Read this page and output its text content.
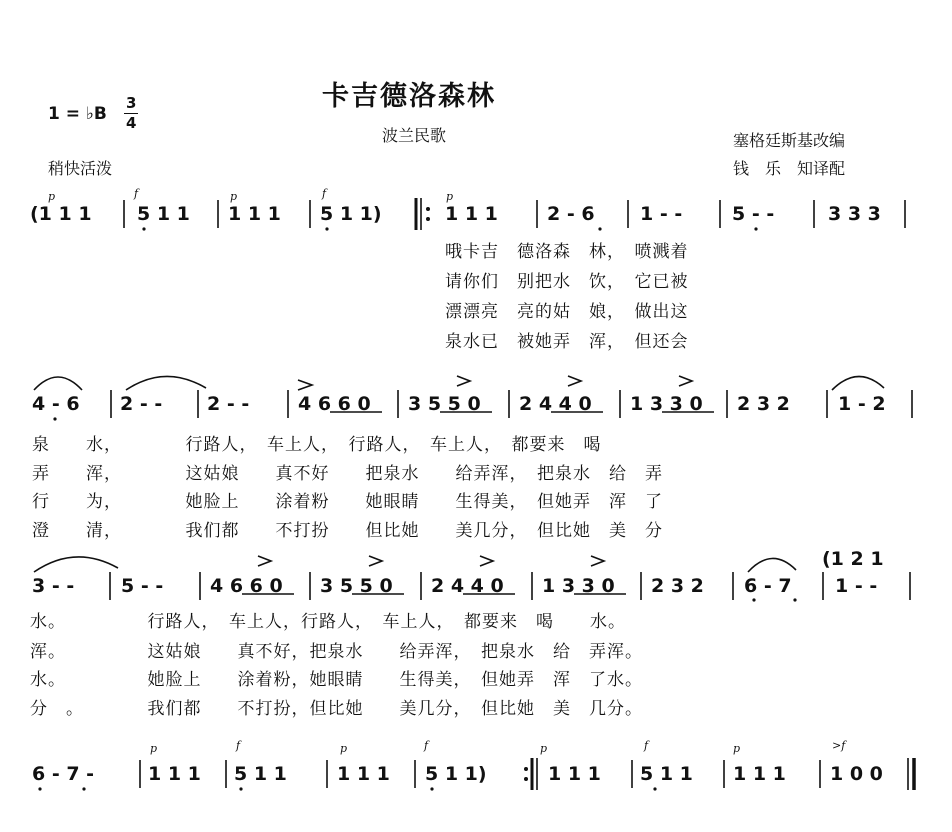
卡吉德洛森林
波兰民歌
1 = ♭B
3
4
稍快活泼
塞格廷斯基改编
钱　乐　知译配
p	f	p	f	p
(1 1 1 5 1 1 1 1 1 5 1 1)	1 1 1	2 - 6 1 - -	5 - -	3 3 3
哦卡吉　德洛森　林，　喷溅着
请你们　别把水　饮，　它已被
漂漂亮　亮的姑　娘，　做出这
泉水已　被她弄　浑，　但还会
4 - 6 2 - - 2 - -	4 6 6 0 3 5 5 0 2 4 4 0 1 3 3 0 2 3 2	1 - 2
泉　　水，　　　　行路人，　车上人，　行路人，　车上人，　都要来　喝
弄　　浑，　　　　这姑娘　　真不好　　把泉水　　给弄浑，　把泉水　给　弄
行　　为，　　　　她脸上　　涂着粉　　她眼睛　　生得美，　但她弄　浑　了
澄　　清，　　　　我们都　　不打扮　　但比她　　美几分，　但比她　美　分
(1 2 1
3 - - 5 - - 4 6 6 0 3 5 5 0 2 4 4 0 1 3 3 0 2 3 2 6 - 7 1 - -
水。　　　　　行路人，　车上人，行路人，　车上人，　都要来　喝　　水。
浑。　　　　　这姑娘　　真不好，把泉水　　给弄浑，　把泉水　给　弄浑。
水。　　　　　她脸上　　涂着粉，她眼睛　　生得美，　但她弄　浑　了水。
分　。　　　　我们都　　不打扮，但比她　　美几分，　但比她　美　几分。
p	f	p	f	p	f	p	>f
6 - 7 -	1 1 1 5 1 1	1 1 1 5 1 1)	1 1 1 5 1 1 1 1 1 1 0 0
